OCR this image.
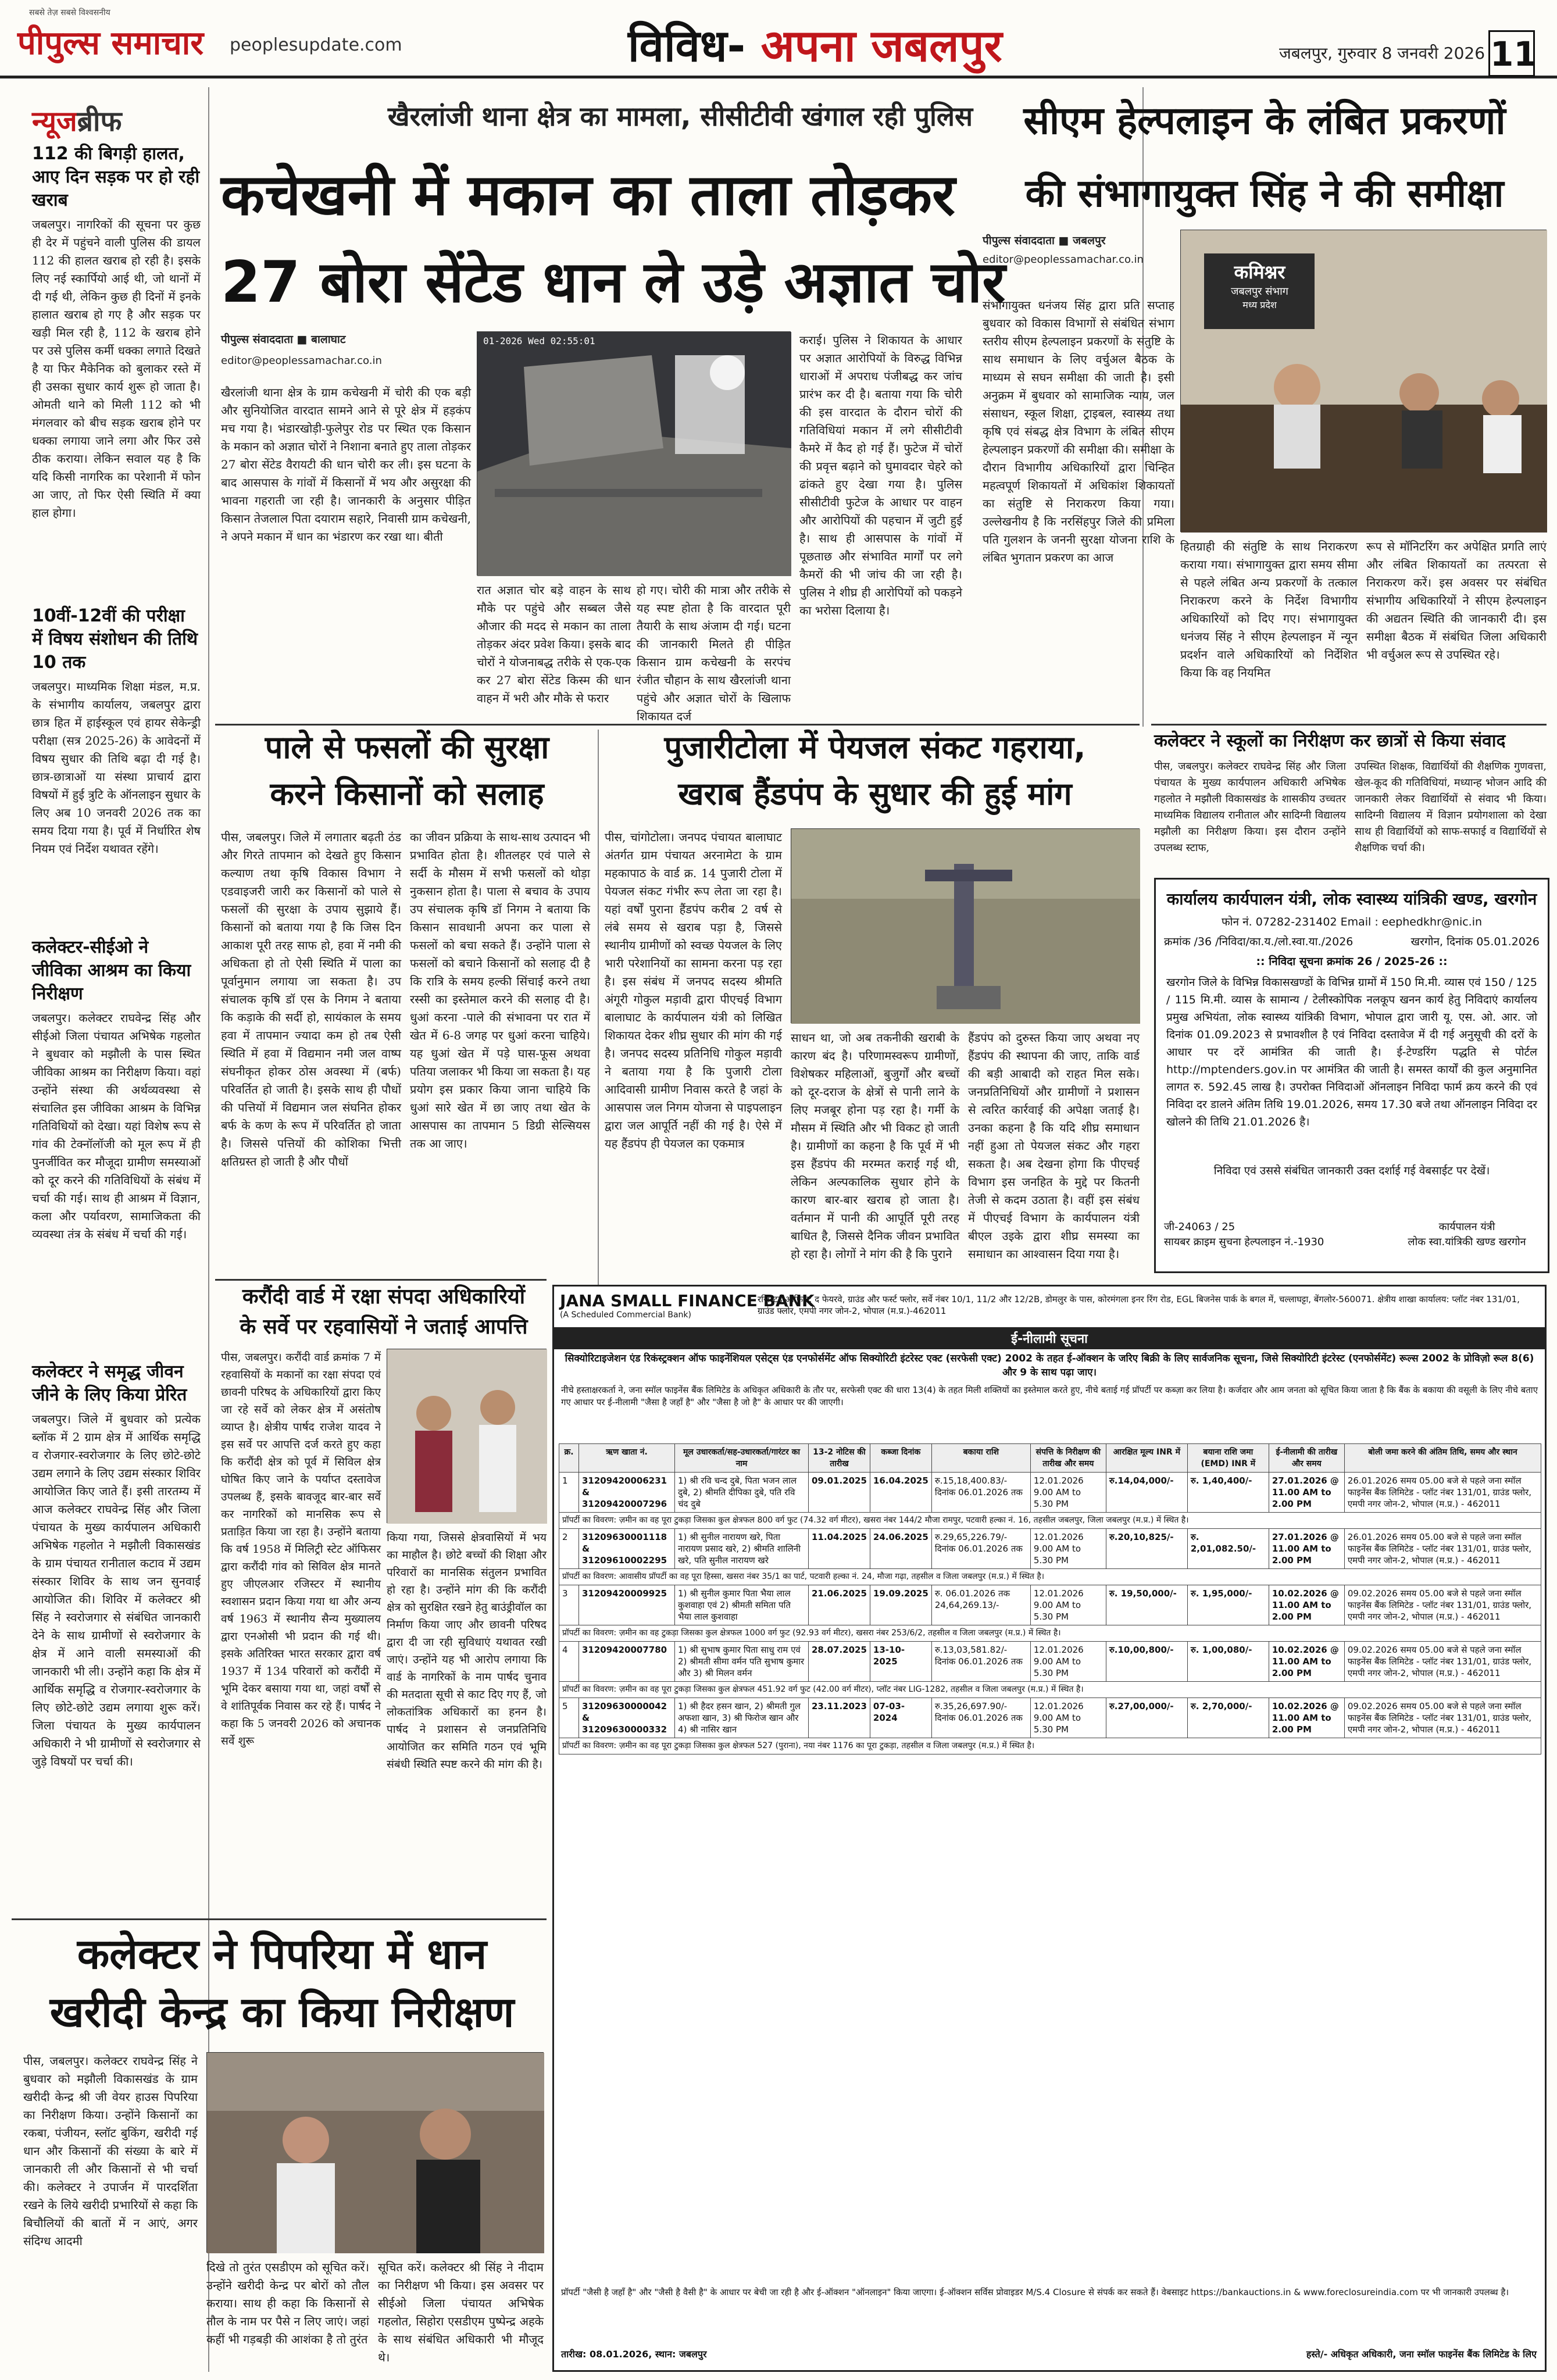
सबसे तेज़ सबसे विश्वसनीय
पीपुल्स समाचार peoplesupdate.com	विविध- अपना जबलपुर	जबलपुर, गुरुवार 8 जनवरी 2026 11
न्यूजब्रीफ
112 की बिगड़ी हालत, आए दिन सड़क पर हो रही खराब
जबलपुर। नागरिकों की सूचना पर कुछ ही देर में पहुंचने वाली पुलिस की डायल 112 की हालत खराब हो रही है। इसके लिए नई स्कार्पियो आई थी, जो थानों में दी गई थी, लेकिन कुछ ही दिनों में इनके हालात खराब हो गए है और सड़क पर खड़ी मिल रही है, 112 के खराब होने पर उसे पुलिस कर्मी धक्का लगाते दिखते है या फिर मैकेनिक को बुलाकर रस्ते में ही उसका सुधार कार्य शुरू हो जाता है। ओमती थाने को मिली 112 को भी मंगलवार को बीच सड़क खराब होने पर धक्का लगाया जाने लगा और फिर उसे ठीक कराया। लेकिन सवाल यह है कि यदि किसी नागरिक का परेशानी में फोन आ जाए, तो फिर ऐसी स्थिति में क्या हाल होगा।
10वीं-12वीं की परीक्षा में विषय संशोधन की तिथि 10 तक
जबलपुर। माध्यमिक शिक्षा मंडल, म.प्र. के संभागीय कार्यालय, जबलपुर द्वारा छात्र हित में हाईस्कूल एवं हायर सेकेन्ड्री परीक्षा (सत्र 2025-26) के आवेदनों में विषय सुधार की तिथि बढ़ा दी गई है। छात्र-छात्राओं या संस्था प्राचार्य द्वारा विषयों में हुई त्रुटि के ऑनलाइन सुधार के लिए अब 10 जनवरी 2026 तक का समय दिया गया है। पूर्व में निर्धारित शेष नियम एवं निर्देश यथावत रहेंगे।
कलेक्टर-सीईओ ने जीविका आश्रम का किया निरीक्षण
जबलपुर। कलेक्टर राघवेन्द्र सिंह और सीईओ जिला पंचायत अभिषेक गहलोत ने बुधवार को मझौली के पास स्थित जीविका आश्रम का निरीक्षण किया। वहां उन्होंने संस्था की अर्थव्यवस्था से संचालित इस जीविका आश्रम के विभिन्न गतिविधियों को देखा। यहां विशेष रूप से गांव की टेक्नॉलॉजी को मूल रूप में ही पुनर्जीवित कर मौजूदा ग्रामीण समस्याओं को दूर करने की गतिविधियों के संबंध में चर्चा की गई। साथ ही आश्रम में विज्ञान, कला और पर्यावरण, सामाजिकता की व्यवस्था तंत्र के संबंध में चर्चा की गई।
कलेक्टर ने समृद्ध जीवन जीने के लिए किया प्रेरित
जबलपुर। जिले में बुधवार को प्रत्येक ब्लॉक में 2 ग्राम क्षेत्र में आर्थिक समृद्धि व रोजगार-स्वरोजगार के लिए छोटे-छोटे उद्यम लगाने के लिए उद्यम संस्कार शिविर आयोजित किए जाते हैं। इसी तारतम्य में आज कलेक्टर राघवेन्द्र सिंह और जिला पंचायत के मुख्य कार्यपालन अधिकारी अभिषेक गहलोत ने मझौली विकासखंड के ग्राम पंचायत रानीताल कटाव में उद्यम संस्कार शिविर के साथ जन सुनवाई आयोजित की। शिविर में कलेक्टर श्री सिंह ने स्वरोजगार से संबंधित जानकारी देने के साथ ग्रामीणों से स्वरोजगार के क्षेत्र में आने वाली समस्याओं की जानकारी भी ली। उन्होंने कहा कि क्षेत्र में आर्थिक समृद्धि व रोजगार-स्वरोजगार के लिए छोटे-छोटे उद्यम लगाया शुरू करें। जिला पंचायत के मुख्य कार्यपालन अधिकारी ने भी ग्रामीणों से स्वरोजगार से जुड़े विषयों पर चर्चा की।
खैरलांजी थाना क्षेत्र का मामला, सीसीटीवी खंगाल रही पुलिस
कचेखनी में मकान का ताला तोड़कर
27 बोरा सेंटेड धान ले उड़े अज्ञात चोर
पीपुल्स संवाददाता ■ बालाघाट
editor@peoplessamachar.co.in
01-2026 Wed 02:55:01
खैरलांजी थाना क्षेत्र के ग्राम कचेखनी में चोरी की एक बड़ी और सुनियोजित वारदात सामने आने से पूरे क्षेत्र में हड़कंप मच गया है। भंडारखोड़ी-फुलेपुर रोड पर स्थित एक किसान के मकान को अज्ञात चोरों ने निशाना बनाते हुए ताला तोड़कर 27 बोरा सेंटेड वैरायटी की धान चोरी कर ली। इस घटना के बाद आसपास के गांवों में किसानों में भय और असुरक्षा की भावना गहराती जा रही है। जानकारी के अनुसार पीड़ित किसान तेजलाल पिता दयाराम सहारे, निवासी ग्राम कचेखनी, ने अपने मकान में धान का भंडारण कर रखा था। बीती
रात अज्ञात चोर बड़े वाहन के साथ मौके पर पहुंचे और सब्बल जैसे औजार की मदद से मकान का ताला तोड़कर अंदर प्रवेश किया। इसके बाद चोरों ने योजनाबद्ध तरीके से एक-एक कर 27 बोरा सेंटेड किस्म की धान वाहन में भरी और मौके से फरार
हो गए। चोरी की मात्रा और तरीके से यह स्पष्ट होता है कि वारदात पूरी तैयारी के साथ अंजाम दी गई। घटना की जानकारी मिलते ही पीड़ित किसान ग्राम कचेखनी के सरपंच रंजीत चौहान के साथ खैरलांजी थाना पहुंचे और अज्ञात चोरों के खिलाफ शिकायत दर्ज
कराई। पुलिस ने शिकायत के आधार पर अज्ञात आरोपियों के विरुद्ध विभिन्न धाराओं में अपराध पंजीबद्ध कर जांच प्रारंभ कर दी है। बताया गया कि चोरी की इस वारदात के दौरान चोरों की गतिविधियां मकान में लगे सीसीटीवी कैमरे में कैद हो गई हैं। फुटेज में चोरों की प्रवृत्त बढ़ाने को घुमावदार चेहरे को ढांकते हुए देखा गया है। पुलिस सीसीटीवी फुटेज के आधार पर वाहन और आरोपियों की पहचान में जुटी हुई है। साथ ही आसपास के गांवों में पूछताछ और संभावित मार्गों पर लगे कैमरों की भी जांच की जा रही है। पुलिस ने शीघ्र ही आरोपियों को पकड़ने का भरोसा दिलाया है।
सीएम हेल्पलाइन के लंबित प्रकरणों
की संभागायुक्त सिंह ने की समीक्षा
पीपुल्स संवाददाता ■ जबलपुर
editor@peoplessamachar.co.in
कमिश्नर
जबलपुर संभाग
मध्य प्रदेश
संभागायुक्त धनंजय सिंह द्वारा प्रति सप्ताह बुधवार को विकास विभागों से संबंधित संभाग स्तरीय सीएम हेल्पलाइन प्रकरणों के संतुष्टि के साथ समाधान के लिए वर्चुअल बैठक के माध्यम से सघन समीक्षा की जाती है। इसी अनुक्रम में बुधवार को सामाजिक न्याय, जल संसाधन, स्कूल शिक्षा, ट्राइबल, स्वास्थ्य तथा कृषि एवं संबद्ध क्षेत्र विभाग के लंबित सीएम हेल्पलाइन प्रकरणों की समीक्षा की। समीक्षा के दौरान विभागीय अधिकारियों द्वारा चिन्हित महत्वपूर्ण शिकायतों में अधिकांश शिकायतों का संतुष्टि से निराकरण किया गया। उल्लेखनीय है कि नरसिंहपुर जिले की प्रमिला पति गुलशन के जननी सुरक्षा योजना राशि के लंबित भुगतान प्रकरण का आज
हितग्राही की संतुष्टि के साथ निराकरण कराया गया। संभागायुक्त द्वारा समय सीमा से पहले लंबित अन्य प्रकरणों के तत्काल निराकरण करने के निर्देश विभागीय अधिकारियों को दिए गए। संभागायुक्त धनंजय सिंह ने सीएम हेल्पलाइन में न्यून प्रदर्शन वाले अधिकारियों को निर्देशित किया कि वह नियमित
रूप से मॉनिटरिंग कर अपेक्षित प्रगति लाएं और लंबित शिकायतों का तत्परता से निराकरण करें। इस अवसर पर संबंधित संभागीय अधिकारियों ने सीएम हेल्पलाइन की अद्यतन स्थिति की जानकारी दी। इस समीक्षा बैठक में संबंधित जिला अधिकारी भी वर्चुअल रूप से उपस्थित रहे।
कलेक्टर ने स्कूलों का निरीक्षण कर छात्रों से किया संवाद
पीस, जबलपुर। कलेक्टर राघवेन्द्र सिंह और जिला पंचायत के मुख्य कार्यपालन अधिकारी अभिषेक गहलोत ने मझौली विकासखंड के शासकीय उच्चतर माध्यमिक विद्यालय रानीताल और सादिग्नी विद्यालय मझौली का निरीक्षण किया। इस दौरान उन्होंने उपलब्ध स्टाफ,
उपस्थित शिक्षक, विद्यार्थियों की शैक्षणिक गुणवत्ता, खेल-कूद की गतिविधियां, मध्यान्ह भोजन आदि की जानकारी लेकर विद्यार्थियों से संवाद भी किया। सादिग्नी विद्यालय में विज्ञान प्रयोगशाला को देखा साथ ही विद्यार्थियों को साफ-सफाई व विद्यार्थियों से शैक्षणिक चर्चा की।
पाले से फसलों की सुरक्षा
करने किसानों को सलाह
पीस, जबलपुर। जिले में लगातार बढ़ती ठंड और गिरते तापमान को देखते हुए किसान कल्याण तथा कृषि विकास विभाग ने एडवाइजरी जारी कर किसानों को पाले से फसलों की सुरक्षा के उपाय सुझाये हैं। किसानों को बताया गया है कि जिस दिन आकाश पूरी तरह साफ हो, हवा में नमी की अधिकता हो तो ऐसी स्थिति में पाला का पूर्वानुमान लगाया जा सकता है। उप संचालक कृषि डॉ एस के निगम ने बताया कि कड़ाके की सर्दी हो, सायंकाल के समय हवा में तापमान ज्यादा कम हो तब ऐसी स्थिति में हवा में विद्यमान नमी जल वाष्प संघनीकृत होकर ठोस अवस्था में (बर्फ) परिवर्तित हो जाती है। इसके साथ ही पौधों की पत्तियों में विद्यमान जल संघनित होकर बर्फ के कण के रूप में परिवर्तित हो जाता है। जिससे पत्तियों की कोशिका भित्ती क्षतिग्रस्त हो जाती है और पौधों
का जीवन प्रक्रिया के साथ-साथ उत्पादन भी प्रभावित होता है। शीतलहर एवं पाले से सर्दी के मौसम में सभी फसलों को थोड़ा नुकसान होता है। पाला से बचाव के उपाय उप संचालक कृषि डॉ निगम ने बताया कि किसान सावधानी अपना कर पाला से फसलों को बचा सकते हैं। उन्होंने पाला से फसलों को बचाने किसानों को सलाह दी है कि रात्रि के समय हल्की सिंचाई करने तथा रस्सी का इस्तेमाल करने की सलाह दी है। धुआं करना -पाले की संभावना पर रात में खेत में 6-8 जगह पर धुआं करना चाहिये। यह धुआं खेत में पड़े घास-फूस अथवा पतिया जलाकर भी किया जा सकता है। यह प्रयोग इस प्रकार किया जाना चाहिये कि धुआं सारे खेत में छा जाए तथा खेत के आसपास का तापमान 5 डिग्री सेल्सियस तक आ जाए।
पुजारीटोला में पेयजल संकट गहराया,
खराब हैंडपंप के सुधार की हुई मांग
पीस, चांगोटोला। जनपद पंचायत बालाघाट अंतर्गत ग्राम पंचायत अरनामेटा के ग्राम महकापाठ के वार्ड क्र. 14 पुजारी टोला में पेयजल संकट गंभीर रूप लेता जा रहा है। यहां वर्षों पुराना हैंडपंप करीब 2 वर्ष से लंबे समय से खराब पड़ा है, जिससे स्थानीय ग्रामीणों को स्वच्छ पेयजल के लिए भारी परेशानियों का सामना करना पड़ रहा है। इस संबंध में जनपद सदस्य श्रीमति अंगूरी गोकुल मड़ावी द्वारा पीएचई विभाग बालाघाट के कार्यपालन यंत्री को लिखित शिकायत देकर शीघ्र सुधार की मांग की गई है। जनपद सदस्य प्रतिनिधि गोकुल मड़ावी ने बताया गया है कि पुजारी टोला आदिवासी ग्रामीण निवास करते है जहां के आसपास जल निगम योजना से पाइपलाइन द्वारा जल आपूर्ति नहीं की गई है। ऐसे में यह हैंडपंप ही पेयजल का एकमात्र
साधन था, जो अब तकनीकी खराबी के कारण बंद है। परिणामस्वरूप ग्रामीणों, विशेषकर महिलाओं, बुजुर्गों और बच्चों को दूर-दराज के क्षेत्रों से पानी लाने के लिए मजबूर होना पड़ रहा है। गर्मी के मौसम में स्थिति और भी विकट हो जाती है। ग्रामीणों का कहना है कि पूर्व में भी इस हैंडपंप की मरम्मत कराई गई थी, लेकिन अल्पकालिक सुधार होने के कारण बार-बार खराब हो जाता है। वर्तमान में पानी की आपूर्ति पूरी तरह बाधित है, जिससे दैनिक जीवन प्रभावित हो रहा है। लोगों ने मांग की है कि पुराने
हैंडपंप को दुरुस्त किया जाए अथवा नए हैंडपंप की स्थापना की जाए, ताकि वार्ड की बड़ी आबादी को राहत मिल सके। जनप्रतिनिधियों और ग्रामीणों ने प्रशासन से त्वरित कार्रवाई की अपेक्षा जताई है। उनका कहना है कि यदि शीघ्र समाधान नहीं हुआ तो पेयजल संकट और गहरा सकता है। अब देखना होगा कि पीएचई विभाग इस जनहित के मुद्दे पर कितनी तेजी से कदम उठाता है। वहीं इस संबंध में पीएचई विभाग के कार्यपालन यंत्री बीएल उइके द्वारा शीघ्र समस्या का समाधान का आश्वासन दिया गया है।
कार्यालय कार्यपालन यंत्री, लोक स्वास्थ्य यांत्रिकी खण्ड, खरगोन
फोन नं. 07282-231402 Email : eephedkhr@nic.in
क्रमांक /36 /निविदा/का.य./लो.स्वा.या./2026	खरगोन, दिनांक 05.01.2026
:: निविदा सूचना क्रमांक 26 / 2025-26 ::
खरगोन जिले के विभिन्न विकासखण्डों के विभिन्न ग्रामों में 150 मि.मी. व्यास एवं 150 / 125 / 115 मि.मी. व्यास के सामान्य / टेलीस्कोपिक नलकूप खनन कार्य हेतु निविदाएं कार्यालय प्रमुख अभियंता, लोक स्वास्थ्य यांत्रिकी विभाग, भोपाल द्वारा जारी यू. एस. ओ. आर. जो दिनांक 01.09.2023 से प्रभावशील है एवं निविदा दस्तावेज में दी गई अनुसूची की दरों के आधार पर दरें आमंत्रित की जाती है। ई-टेण्डरिंग पद्धति से पोर्टल http://mptenders.gov.in पर आमंत्रित की जाती है। समस्त कार्यों की कुल अनुमानित लागत रु. 592.45 लाख है। उपरोक्त निविदाओं ऑनलाइन निविदा फार्म क्रय करने की एवं निविदा दर डालने अंतिम तिथि 19.01.2026, समय 17.30 बजे तथा ऑनलाइन निविदा दर खोलने की तिथि 21.01.2026 है।
निविदा एवं उससे संबंधित जानकारी उक्त दर्शाई गई वेबसाईट पर देखें।
जी-24063 / 25
सायबर क्राइम सुचना हेल्पलाइन नं.-1930
कार्यपालन यंत्री
लोक स्वा.यांत्रिकी खण्ड खरगोन
करौंदी वार्ड में रक्षा संपदा अधिकारियों
के सर्वे पर रहवासियों ने जताई आपत्ति
पीस, जबलपुर। करौंदी वार्ड क्रमांक 7 में रहवासियों के मकानों का रक्षा संपदा एवं छावनी परिषद के अधिकारियों द्वारा किए जा रहे सर्वे को लेकर क्षेत्र में असंतोष व्याप्त है। क्षेत्रीय पार्षद राजेश यादव ने इस सर्वे पर आपत्ति दर्ज करते हुए कहा कि करौंदी क्षेत्र को पूर्व में सिविल क्षेत्र घोषित किए जाने के पर्याप्त दस्तावेज उपलब्ध हैं, इसके बावजूद बार-बार सर्वे कर नागरिकों को मानसिक रूप से प्रताड़ित किया जा रहा है। उन्होंने बताया कि वर्ष 1958 में मिलिट्री स्टेट ऑफिसर द्वारा करौंदी गांव को सिविल क्षेत्र मानते हुए जीएलआर रजिस्टर में स्थानीय स्वशासन प्रदान किया गया था और अन्य वर्ष 1963 में स्थानीय सैन्य मुख्यालय द्वारा एनओसी भी प्रदान की गई थी। इसके अतिरिक्त भारत सरकार द्वारा वर्ष 1937 में 134 परिवारों को करौंदी में भूमि देकर बसाया गया था, जहां वर्षों से वे शांतिपूर्वक निवास कर रहे हैं। पार्षद ने कहा कि 5 जनवरी 2026 को अचानक सर्वे शुरू
किया गया, जिससे क्षेत्रवासियों में भय का माहौल है। छोटे बच्चों की शिक्षा और परिवारों का मानसिक संतुलन प्रभावित हो रहा है। उन्होंने मांग की कि करौंदी क्षेत्र को सुरक्षित रखने हेतु बाउंड्रीवॉल का निर्माण किया जाए और छावनी परिषद द्वारा दी जा रही सुविधाएं यथावत रखी जाएं। उन्होंने यह भी आरोप लगाया कि वार्ड के नागरिकों के नाम पार्षद चुनाव की मतदाता सूची से काट दिए गए हैं, जो लोकतांत्रिक अधिकारों का हनन है। पार्षद ने प्रशासन से जनप्रतिनिधि आयोजित कर समिति गठन एवं भूमि संबंधी स्थिति स्पष्ट करने की मांग की है।
कलेक्टर ने पिपरिया में धान
खरीदी केन्द्र का किया निरीक्षण
पीस, जबलपुर। कलेक्टर राघवेन्द्र सिंह ने बुधवार को मझौली विकासखंड के ग्राम खरीदी केन्द्र श्री जी वेयर हाउस पिपरिया का निरीक्षण किया। उन्होंने किसानों का रकबा, पंजीयन, स्लॉट बुकिंग, खरीदी गई धान और किसानों की संख्या के बारे में जानकारी ली और किसानों से भी चर्चा की। कलेक्टर ने उपार्जन में पारदर्शिता रखने के लिये खरीदी प्रभारियों से कहा कि बिचौलियों की बातों में न आएं, अगर संदिग्ध आदमी
दिखे तो तुरंत एसडीएम को सूचित करें। उन्होंने खरीदी केन्द्र पर बोरों को तौल कराया। साथ ही कहा कि किसानों से तौल के नाम पर पैसे न लिए जाएं। जहां कहीं भी गड़बड़ी की आशंका है तो तुरंत
सूचित करें। कलेक्टर श्री सिंह ने नीदाम का निरीक्षण भी किया। इस अवसर पर सीईओ जिला पंचायत अभिषेक गहलोत, सिहोरा एसडीएम पुष्पेन्द्र अहके के साथ संबंधित अधिकारी भी मौजूद थे।
JANA SMALL FINANCE BANK
(A Scheduled Commercial Bank)
रजिस्टर्ड ऑफिस: द फेयरवे, ग्राउंड और फर्स्ट फ्लोर, सर्वे नंबर 10/1, 11/2 और 12/2B, डोमलुर के पास, कोरमंगला इनर रिंग रोड, EGL बिजनेस पार्क के बगल में, चल्लाघट्टा, बेंगलोर-560071. क्षेत्रीय शाखा कार्यालय: प्लॉट नंबर 131/01, ग्राउंड फ्लोर, एमपी नगर जोन-2, भोपाल (म.प्र.)-462011
ई-नीलामी सूचना
सिक्योरिटाइजेशन एंड रिकंस्ट्रक्शन ऑफ फाइनेंशियल एसेट्स एंड एनफोर्समेंट ऑफ सिक्योरिटी इंटरेस्ट एक्ट (सरफेसी एक्ट) 2002 के तहत ई-ऑक्शन के जरिए बिक्री के लिए सार्वजनिक सूचना, जिसे सिक्योरिटी इंटरेस्ट (एनफोर्समेंट) रूल्स 2002 के प्रोविज़ो रूल 8(6) और 9 के साथ पढ़ा जाए।
नीचे हस्ताक्षरकर्ता ने, जना स्मॉल फाइनेंस बैंक लिमिटेड के अधिकृत अधिकारी के तौर पर, सरफेसी एक्ट की धारा 13(4) के तहत मिली शक्तियों का इस्तेमाल करते हुए, नीचे बताई गई प्रॉपर्टी पर कब्ज़ा कर लिया है। कर्जदार और आम जनता को सूचित किया जाता है कि बैंक के बकाया की वसूली के लिए नीचे बताए गए आधार पर ई-नीलामी "जैसा है जहाँ है" और "जैसा है जो है" के आधार पर की जाएगी।
क्र.	ऋण खाता नं.	मूल उधारकर्ता/सह-उधारकर्ता/गारंटर का नाम	13-2 नोटिस की तारीख	कब्जा दिनांक	बकाया राशि	संपत्ति के निरीक्षण की तारीख और समय	आरक्षित मूल्य INR में	बयाना राशि जमा (EMD) INR में	ई-नीलामी की तारीख और समय	बोली जमा करने की अंतिम तिथि, समय और स्थान
1	31209420006231 & 31209420007296	1) श्री रवि चन्द दुबे, पिता भजन लाल दुबे, 2) श्रीमति दीपिका दुबे, पति रवि चंद दुबे	09.01.2025	16.04.2025	रु.15,18,400.83/- दिनांक 06.01.2026 तक	12.01.2026 9.00 AM to 5.30 PM	रु.14,04,000/-	रु. 1,40,400/-	27.01.2026 @ 11.00 AM to 2.00 PM	26.01.2026 समय 05.00 बजे से पहले जना स्मॉल फाइनेंस बैंक लिमिटेड - प्लॉट नंबर 131/01, ग्राउंड फ्लोर, एमपी नगर जोन-2, भोपाल (म.प्र.) - 462011
प्रॉपर्टी का विवरण: ज़मीन का वह पूरा टुकड़ा जिसका कुल क्षेत्रफल 800 वर्ग फुट (74.32 वर्ग मीटर), खसरा नंबर 144/2 मौजा रामपुर, पटवारी हल्का नं. 16, तहसील जबलपुर, जिला जबलपुर (म.प्र.) में स्थित है।										
2	31209630001118 & 31209610002295	1) श्री सुनील नारायण खरे, पिता नारायण प्रसाद खरे, 2) श्रीमति शालिनी खरे, पति सुनील नारायण खरे	11.04.2025	24.06.2025	रु.29,65,226.79/- दिनांक 06.01.2026 तक	12.01.2026 9.00 AM to 5.30 PM	रु.20,10,825/-	रु. 2,01,082.50/-	27.01.2026 @ 11.00 AM to 2.00 PM	26.01.2026 समय 05.00 बजे से पहले जना स्मॉल फाइनेंस बैंक लिमिटेड - प्लॉट नंबर 131/01, ग्राउंड फ्लोर, एमपी नगर जोन-2, भोपाल (म.प्र.) - 462011
प्रॉपर्टी का विवरण: आवासीय प्रॉपर्टी का वह पूरा हिस्सा, खसरा नंबर 35/1 का पार्ट, पटवारी हल्का नं. 24, मौजा गढ़ा, तहसील व जिला जबलपुर (म.प्र.) में स्थित है।										
3	31209420009925	1) श्री सुनील कुमार पिता भैया लाल कुशवाहा एवं 2) श्रीमती समिता पति भैया लाल कुशवाहा	21.06.2025	19.09.2025	रु. 06.01.2026 तक 24,64,269.13/-	12.01.2026 9.00 AM to 5.30 PM	रु. 19,50,000/-	रु. 1,95,000/-	10.02.2026 @ 11.00 AM to 2.00 PM	09.02.2026 समय 05.00 बजे से पहले जना स्मॉल फाइनेंस बैंक लिमिटेड - प्लॉट नंबर 131/01, ग्राउंड फ्लोर, एमपी नगर जोन-2, भोपाल (म.प्र.) - 462011
प्रॉपर्टी का विवरण: ज़मीन का वह टुकड़ा जिसका कुल क्षेत्रफल 1000 वर्ग फुट (92.93 वर्ग मीटर), खसरा नंबर 253/6/2, तहसील व जिला जबलपुर (म.प्र.) में स्थित है।										
4	31209420007780	1) श्री सुभाष कुमार पिता साधु राम एवं 2) श्रीमती सीमा वर्मन पति सुभाष कुमार और 3) श्री मिलन वर्मन	28.07.2025	13-10-2025	रु.13,03,581.82/- दिनांक 06.01.2026 तक	12.01.2026 9.00 AM to 5.30 PM	रु.10,00,800/-	रु. 1,00,080/-	10.02.2026 @ 11.00 AM to 2.00 PM	09.02.2026 समय 05.00 बजे से पहले जना स्मॉल फाइनेंस बैंक लिमिटेड - प्लॉट नंबर 131/01, ग्राउंड फ्लोर, एमपी नगर जोन-2, भोपाल (म.प्र.) - 462011
प्रॉपर्टी का विवरण: ज़मीन का वह पूरा टुकड़ा जिसका कुल क्षेत्रफल 451.92 वर्ग फुट (42.00 वर्ग मीटर), प्लॉट नंबर LIG-1282, तहसील व जिला जबलपुर (म.प्र.) में स्थित है।										
5	31209630000042 & 31209630000332	1) श्री हैदर हसन खान, 2) श्रीमती गुल अफशा खान, 3) श्री फिरोज खान और 4) श्री नासिर खान	23.11.2023	07-03-2024	रु.35,26,697.90/- दिनांक 06.01.2026 तक	12.01.2026 9.00 AM to 5.30 PM	रु.27,00,000/-	रु. 2,70,000/-	10.02.2026 @ 11.00 AM to 2.00 PM	09.02.2026 समय 05.00 बजे से पहले जना स्मॉल फाइनेंस बैंक लिमिटेड - प्लॉट नंबर 131/01, ग्राउंड फ्लोर, एमपी नगर जोन-2, भोपाल (म.प्र.) - 462011
प्रॉपर्टी का विवरण: ज़मीन का वह पूरा टुकड़ा जिसका कुल क्षेत्रफल 527 (पुराना), नया नंबर 1176 का पूरा टुकड़ा, तहसील व जिला जबलपुर (म.प्र.) में स्थित है।										
प्रॉपर्टी "जैसी है जहाँ है" और "जैसी है वैसी है" के आधार पर बेची जा रही है और ई-ऑक्शन "ऑनलाइन" किया जाएगा। ई-ऑक्शन सर्विस प्रोवाइडर M/S.4 Closure से संपर्क कर सकते हैं। वेबसाइट https://bankauctions.in & www.foreclosureindia.com पर भी जानकारी उपलब्ध है।
तारीख: 08.01.2026, स्थान: जबलपुर	हस्ते/- अधिकृत अधिकारी, जना स्मॉल फाइनेंस बैंक लिमिटेड के लिए
